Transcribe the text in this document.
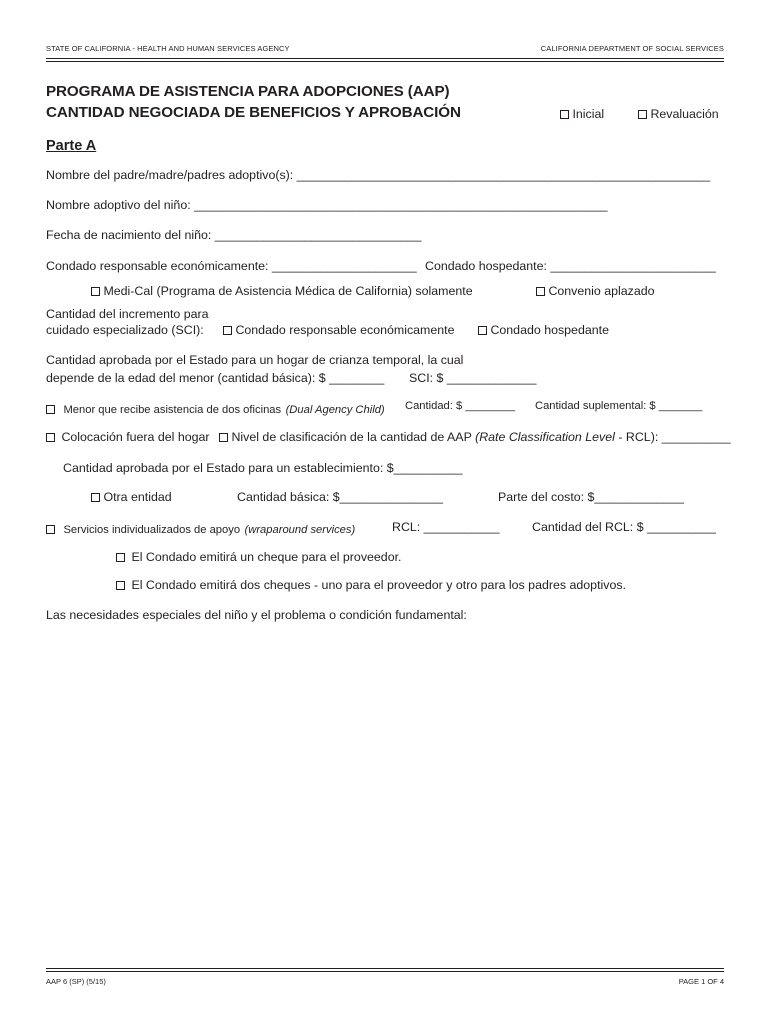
STATE OF CALIFORNIA - HEALTH AND HUMAN SERVICES AGENCY	CALIFORNIA DEPARTMENT OF SOCIAL SERVICES
PROGRAMA DE ASISTENCIA PARA ADOPCIONES (AAP)
CANTIDAD NEGOCIADA DE BENEFICIOS Y APROBACIÓN	Inicial	Revaluación
Parte A
Nombre del padre/madre/padres adoptivo(s): ____________________________________________________________
Nombre adoptivo del niño: ____________________________________________________________
Fecha de nacimiento del niño: ______________________________
Condado responsable económicamente: _____________________ Condado hospedante: ________________________
Medi-Cal (Programa de Asistencia Médica de California) solamente	Convenio aplazado
Cantidad del incremento para
cuidado especializado (SCI):	Condado responsable económicamente	Condado hospedante
Cantidad aprobada por el Estado para un hogar de crianza temporal, la cual
depende de la edad del menor (cantidad básica): $ ________ SCI: $ _____________
Menor que recibe asistencia de dos oficinas (Dual Agency Child) Cantidad: $ ________ Cantidad suplemental: $ _______
Colocación fuera del hogar	Nivel de clasificación de la cantidad de AAP (Rate Classification Level - RCL): __________
Cantidad aprobada por el Estado para un establecimiento: $__________
Otra entidad	Cantidad básica: $_______________	Parte del costo: $_____________
Servicios individualizados de apoyo (wraparound services)	RCL: ___________	Cantidad del RCL: $ __________
El Condado emitirá un cheque para el proveedor.
El Condado emitirá dos cheques - uno para el proveedor y otro para los padres adoptivos.
Las necesidades especiales del niño y el problema o condición fundamental:
AAP 6 (SP) (5/15)	PAGE 1 OF 4
